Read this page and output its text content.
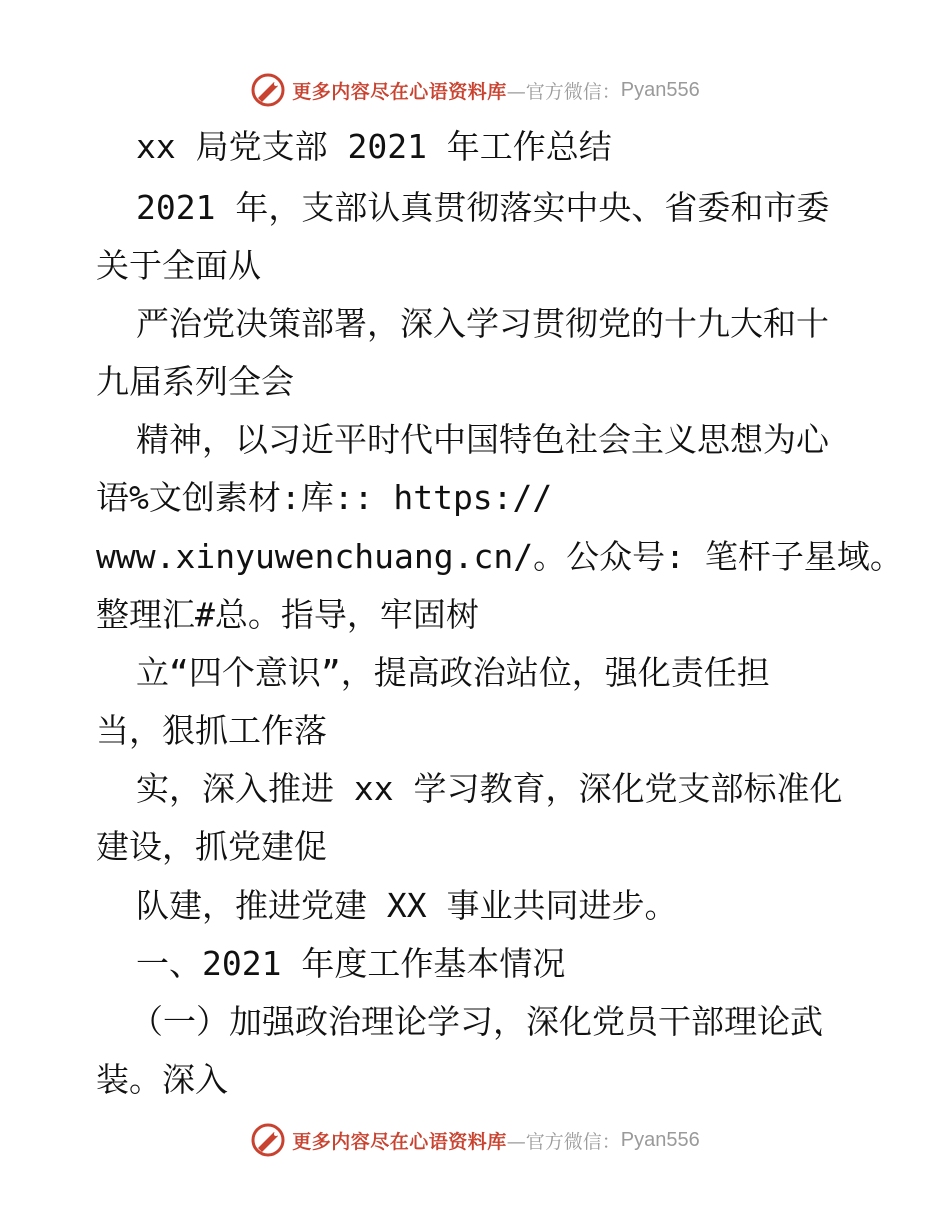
更多内容尽在心语资料库 —官方微信： Pyan556
xx 局党支部 2021 年工作总结
2021 年，支部认真贯彻落实中央、省委和市委
关于全面从
严治党决策部署，深入学习贯彻党的十九大和十
九届系列全会
精神，以习近平时代中国特色社会主义思想为心
语%文创素材:库:: https://
www.xinyuwenchuang.cn/。公众号: 笔杆子星域。
整理汇#总。指导，牢固树
立“四个意识”，提高政治站位，强化责任担
当，狠抓工作落
实，深入推进 xx 学习教育，深化党支部标准化
建设，抓党建促
队建，推进党建 XX 事业共同进步。
一、2021 年度工作基本情况
（一）加强政治理论学习，深化党员干部理论武
装。深入
更多内容尽在心语资料库 —官方微信： Pyan556
